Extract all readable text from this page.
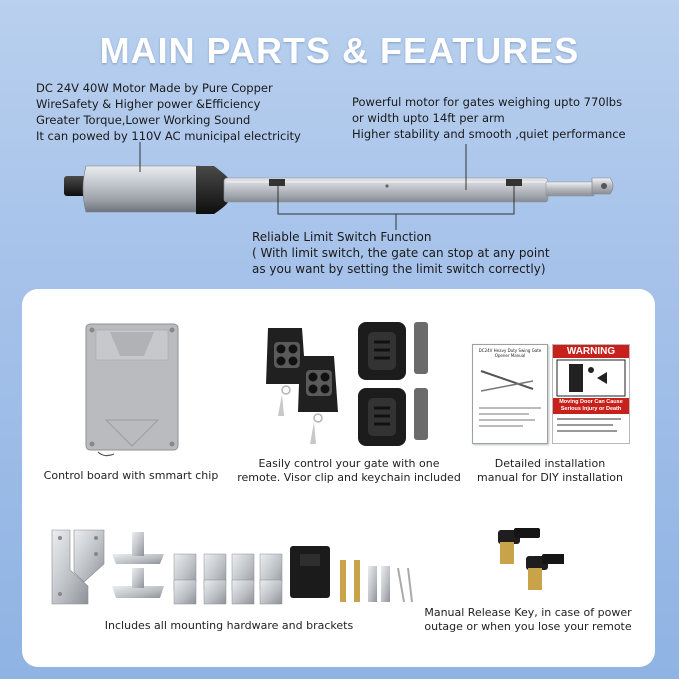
MAIN PARTS & FEATURES
DC 24V 40W Motor Made by Pure Copper
WireSafety & Higher power &Efficiency
Greater Torque,Lower Working Sound
It can powed by 110V AC municipal electricity
Powerful motor for gates weighing upto 770lbs
or width upto 14ft per arm
Higher stability and smooth ,quiet performance
Reliable Limit Switch Function
( With limit switch, the gate can stop at any point
as you want by setting the limit switch correctly)
Control board with smmart chip
Easily control your gate with one
remote. Visor clip and keychain included
DC24V Heavy Duty Swing Gate Opener Manual	WARNING
Moving Door Can Cause Serious Injury or Death
Detailed installation
manual for DIY installation
Includes all mounting hardware and brackets
Manual Release Key, in case of power
outage or when you lose your remote
